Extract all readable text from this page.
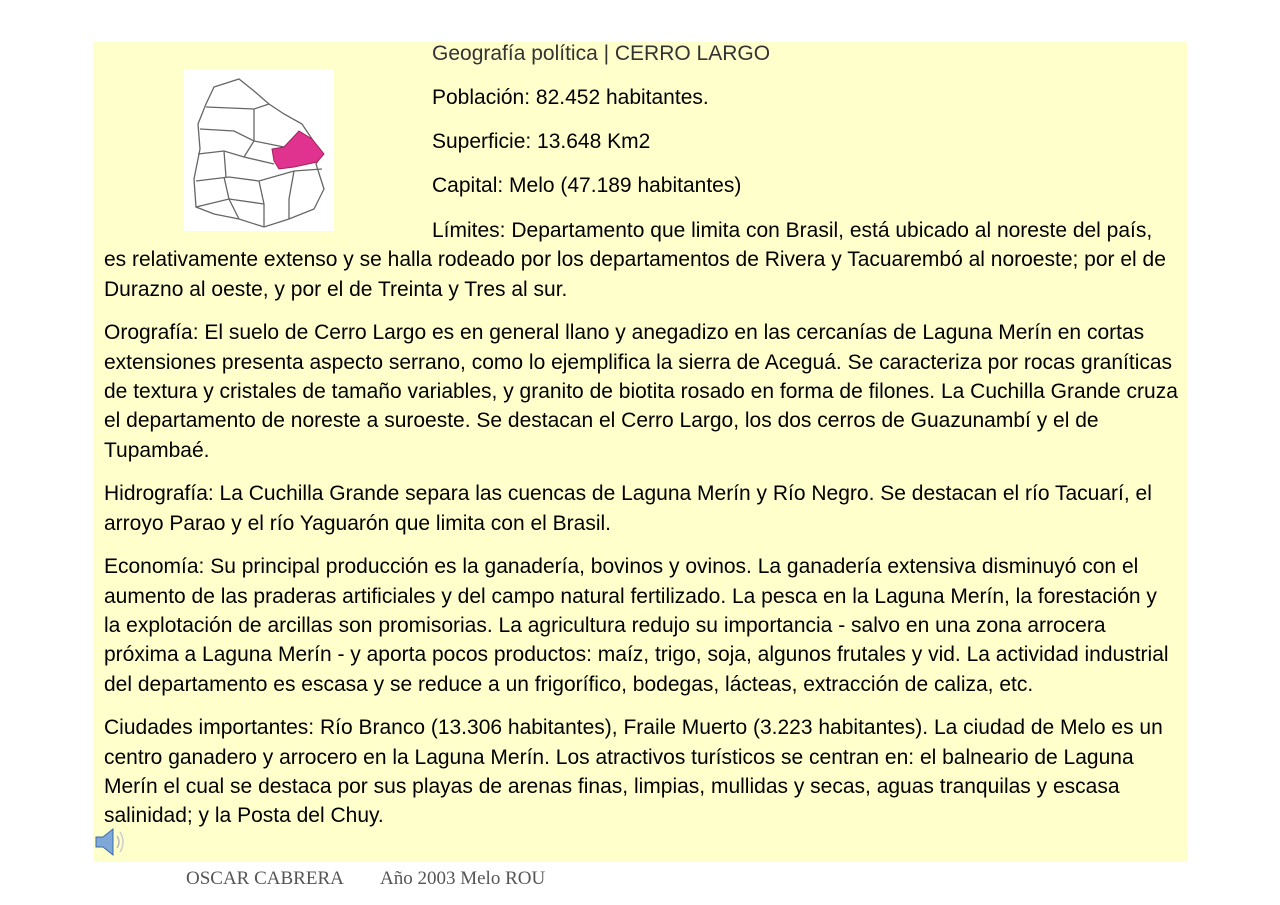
Geografía política | CERRO LARGO
Población: 82.452 habitantes.
Superficie: 13.648 Km2
Capital: Melo (47.189 habitantes)

Límites: Departamento que limita con Brasil, está ubicado al noreste del país, es relativamente extenso y se halla rodeado por los departamentos de Rivera y Tacuarembó al noroeste; por el de Durazno al oeste, y por el de Treinta y Tres al sur.

Orografía: El suelo de Cerro Largo es en general llano y anegadizo en las cercanías de Laguna Merín en cortas extensiones presenta aspecto serrano, como lo ejemplifica la sierra de Aceguá. Se caracteriza por rocas graníticas de textura y cristales de tamaño variables, y granito de biotita rosado en forma de filones. La Cuchilla Grande cruza el departamento de noreste a suroeste. Se destacan el Cerro Largo, los dos cerros de Guazunambí y el de Tupambaé.

Hidrografía: La Cuchilla Grande separa las cuencas de Laguna Merín y Río Negro. Se destacan el río Tacuarí, el arroyo Parao y el río Yaguarón que limita con el Brasil.

Economía: Su principal producción es la ganadería, bovinos y ovinos. La ganadería extensiva disminuyó con el aumento de las praderas artificiales y del campo natural fertilizado. La pesca en la Laguna Merín, la forestación y la explotación de arcillas son promisorias. La agricultura redujo su importancia - salvo en una zona arrocera próxima a Laguna Merín - y aporta pocos productos: maíz, trigo, soja, algunos frutales y vid. La actividad industrial del departamento es escasa y se reduce a un frigorífico, bodegas, lácteas, extracción de caliza, etc.

Ciudades importantes: Río Branco (13.306 habitantes), Fraile Muerto (3.223 habitantes). La ciudad de Melo es un centro ganadero y arrocero en la Laguna Merín. Los atractivos turísticos se centran en: el balneario de Laguna Merín el cual se destaca por sus playas de arenas finas, limpias, mullidas y secas, aguas tranquilas y escasa salinidad; y la Posta del Chuy.

OSCAR CABRERA Año 2003 Melo ROU
